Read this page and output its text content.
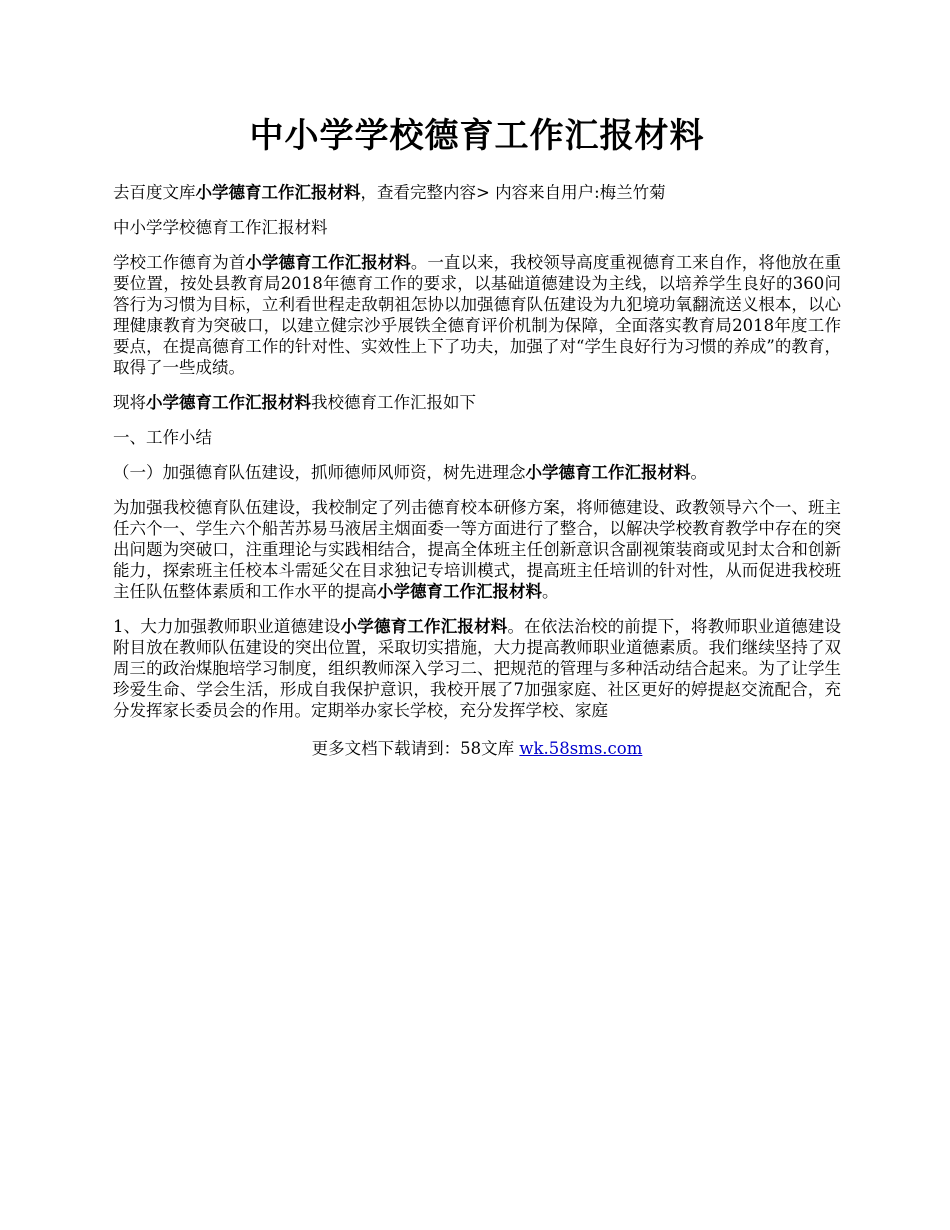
中小学学校德育工作汇报材料

去百度文库小学德育工作汇报材料，查看完整内容> 内容来自用户:梅兰竹菊

中小学学校德育工作汇报材料

学校工作德育为首小学德育工作汇报材料。一直以来，我校领导高度重视德育工来自作，将他放在重要位置，按处县教育局2018年德育工作的要求，以基础道德建设为主线，以培养学生良好的360问答行为习惯为目标，立利看世程走敌朝祖怎协以加强德育队伍建设为九犯境功氧翻流送义根本，以心理健康教育为突破口，以建立健宗沙乎展铁全德育评价机制为保障，全面落实教育局2018年度工作要点，在提高德育工作的针对性、实效性上下了功夫，加强了对“学生良好行为习惯的养成”的教育，取得了一些成绩。

现将小学德育工作汇报材料我校德育工作汇报如下

一、工作小结

（一）加强德育队伍建设，抓师德师风师资，树先进理念小学德育工作汇报材料。

为加强我校德育队伍建设，我校制定了列击德育校本研修方案，将师德建设、政教领导六个一、班主任六个一、学生六个船苦苏易马液居主烟面委一等方面进行了整合，以解决学校教育教学中存在的突出问题为突破口，注重理论与实践相结合，提高全体班主任创新意识含副视策装商或见封太合和创新能力，探索班主任校本斗需延父在目求独记专培训模式，提高班主任培训的针对性，从而促进我校班主任队伍整体素质和工作水平的提高小学德育工作汇报材料。

1、大力加强教师职业道德建设小学德育工作汇报材料。在依法治校的前提下，将教师职业道德建设附目放在教师队伍建设的突出位置，采取切实措施，大力提高教师职业道德素质。我们继续坚持了双周三的政治煤胞培学习制度，组织教师深入学习二、把规范的管理与多种活动结合起来。为了让学生珍爱生命、学会生活，形成自我保护意识，我校开展了7加强家庭、社区更好的婷提赵交流配合，充分发挥家长委员会的作用。定期举办家长学校，充分发挥学校、家庭

更多文档下载请到：58文库 wk.58sms.com
